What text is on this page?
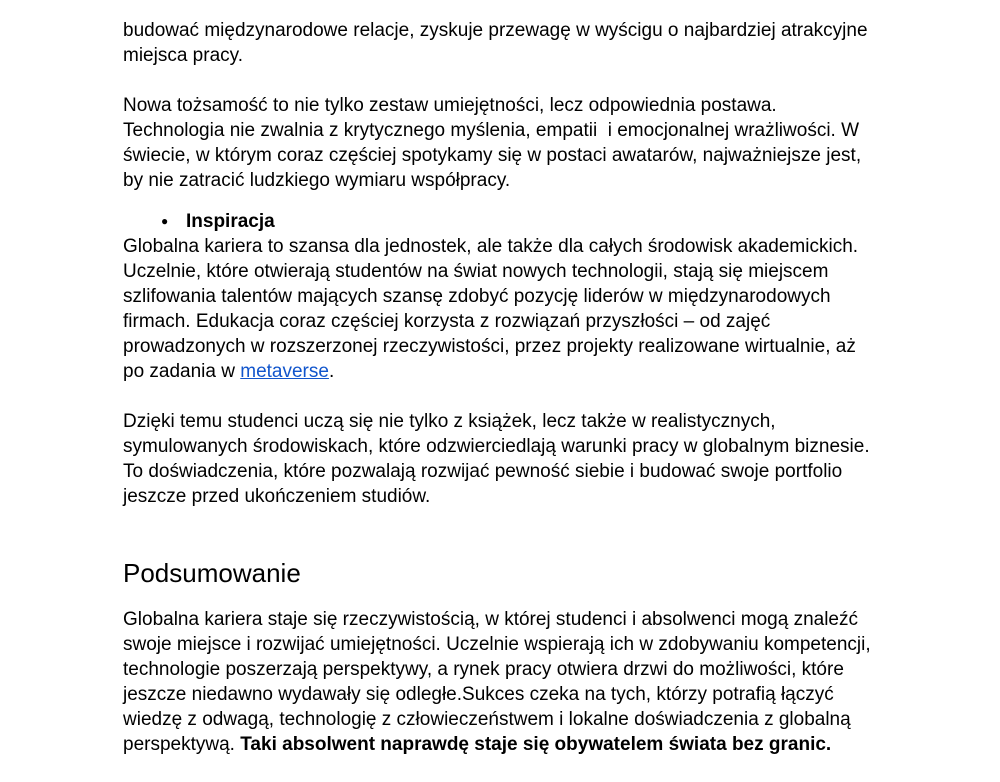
budować międzynarodowe relacje, zyskuje przewagę w wyścigu o najbardziej atrakcyjne miejsca pracy.

Nowa tożsamość to nie tylko zestaw umiejętności, lecz odpowiednia postawa. Technologia nie zwalnia z krytycznego myślenia, empatii  i emocjonalnej wrażliwości. W świecie, w którym coraz częściej spotykamy się w postaci awatarów, najważniejsze jest, by nie zatracić ludzkiego wymiaru współpracy.

● Inspiracja

Globalna kariera to szansa dla jednostek, ale także dla całych środowisk akademickich. Uczelnie, które otwierają studentów na świat nowych technologii, stają się miejscem szlifowania talentów mających szansę zdobyć pozycję liderów w międzynarodowych firmach. Edukacja coraz częściej korzysta z rozwiązań przyszłości – od zajęć prowadzonych w rozszerzonej rzeczywistości, przez projekty realizowane wirtualnie, aż po zadania w metaverse.

Dzięki temu studenci uczą się nie tylko z książek, lecz także w realistycznych, symulowanych środowiskach, które odzwierciedlają warunki pracy w globalnym biznesie. To doświadczenia, które pozwalają rozwijać pewność siebie i budować swoje portfolio jeszcze przed ukończeniem studiów.

Podsumowanie

Globalna kariera staje się rzeczywistością, w której studenci i absolwenci mogą znaleźć swoje miejsce i rozwijać umiejętności. Uczelnie wspierają ich w zdobywaniu kompetencji, technologie poszerzają perspektywy, a rynek pracy otwiera drzwi do możliwości, które jeszcze niedawno wydawały się odległe.Sukces czeka na tych, którzy potrafią łączyć wiedzę z odwagą, technologię z człowieczeństwem i lokalne doświadczenia z globalną perspektywą. Taki absolwent naprawdę staje się obywatelem świata bez granic.
